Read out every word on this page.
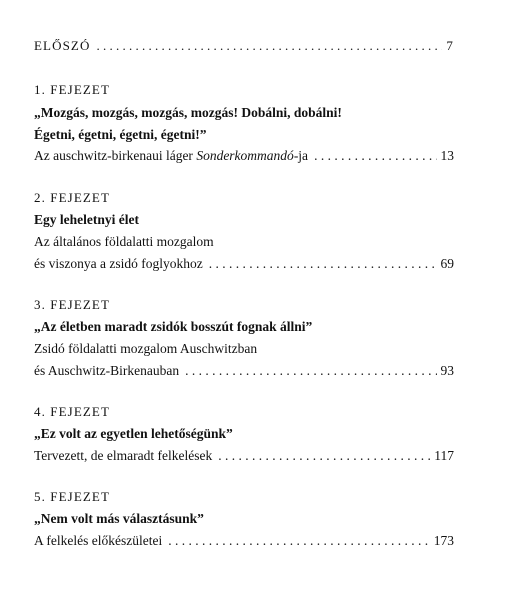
ELŐSZÓ . . .	7
1. FEJEZET
„Mozgás, mozgás, mozgás, mozgás! Dobálni, dobálni!
Égetni, égetni, égetni, égetni!”
Az auschwitz-birkenaui láger Sonderkommandó-ja . . .	13
2. FEJEZET
Egy leheletnyi élet
Az általános földalatti mozgalom
és viszonya a zsidó foglyokhoz . . .	69
3. FEJEZET
„Az életben maradt zsidók bosszút fognak állni”
Zsidó földalatti mozgalom Auschwitzban
és Auschwitz-Birkenauban . . .	93
4. FEJEZET
„Ez volt az egyetlen lehetőségünk”
Tervezett, de elmaradt felkelések . . .	117
5. FEJEZET
„Nem volt más választásunk”
A felkelés előkészületei . . .	173
